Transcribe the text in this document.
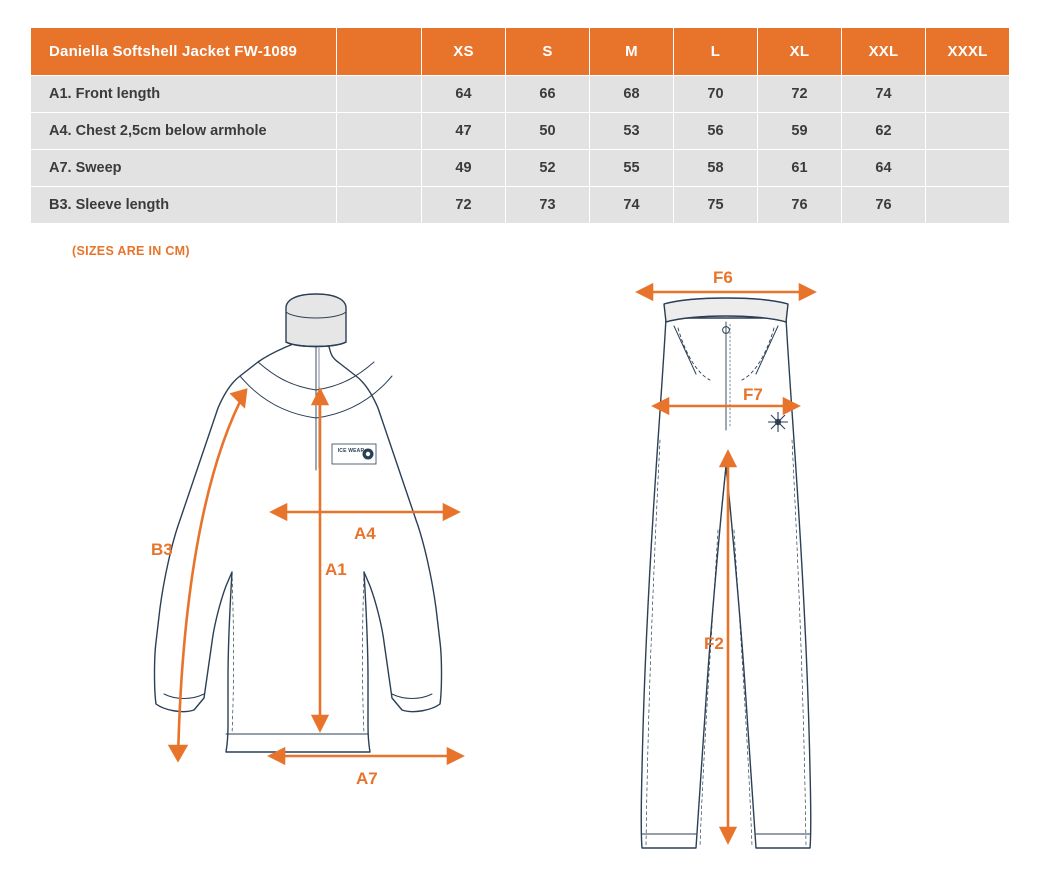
Daniella Softshell Jacket FW-1089		XS	S	M	L	XL	XXL	XXXL
A1. Front length		64	66	68	70	72	74	
A4. Chest 2,5cm below armhole		47	50	53	56	59	62	
A7. Sweep		49	52	55	58	61	64	
B3. Sleeve length		72	73	74	75	76	76	
(SIZES ARE IN CM)
B3
A4
A1
A7
ICE WEAR
F6
F7
F2
